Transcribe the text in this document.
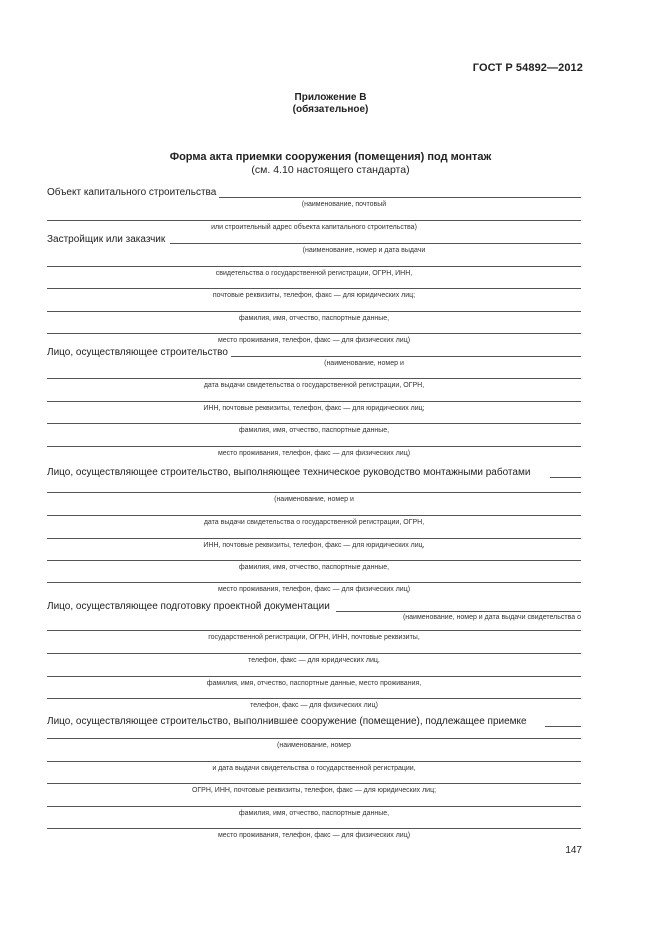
ГОСТ Р 54892—2012
Приложение В
(обязательное)
Форма акта приемки сооружения (помещения) под монтаж
(см. 4.10 настоящего стандарта)
Объект капитального строительства
(наименование, почтовый
или строительный адрес объекта капитального строительства)
Застройщик или заказчик
(наименование, номер и дата выдачи
свидетельства о государственной регистрации, ОГРН, ИНН,
почтовые реквизиты, телефон, факс — для юридических лиц;
фамилия, имя, отчество, паспортные данные,
место проживания, телефон, факс — для физических лиц)
Лицо, осуществляющее строительство
(наименование, номер и
дата выдачи свидетельства о государственной регистрации, ОГРН,
ИНН, почтовые реквизиты, телефон, факс — для юридических лиц;
фамилия, имя, отчество, паспортные данные,
место проживания, телефон, факс — для физических лиц)
Лицо, осуществляющее строительство, выполняющее техническое руководство монтажными работами
(наименование, номер и
дата выдачи свидетельства о государственной регистрации, ОГРН,
ИНН, почтовые реквизиты, телефон, факс — для юридических лиц,
фамилия, имя, отчество, паспортные данные,
место проживания, телефон, факс — для физических лиц)
Лицо, осуществляющее подготовку проектной документации
(наименование, номер и дата выдачи свидетельства о
государственной регистрации, ОГРН, ИНН, почтовые реквизиты,
телефон, факс — для юридических лиц,
фамилия, имя, отчество, паспортные данные, место проживания,
телефон, факс — для физических лиц)
Лицо, осуществляющее строительство, выполнившее сооружение (помещение), подлежащее приемке
(наименование, номер
и дата выдачи свидетельства о государственной регистрации,
ОГРН, ИНН, почтовые реквизиты, телефон, факс — для юридических лиц;
фамилия, имя, отчество, паспортные данные,
место проживания, телефон, факс — для физических лиц)
147
